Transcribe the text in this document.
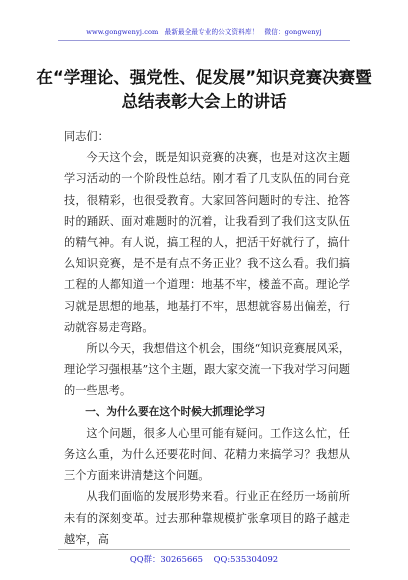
www.gongwenyj.com 最新最全最专业的公文资料库！ 微信：gongwenyj
在“学理论、强党性、促发展”知识竞赛决赛暨总结表彰大会上的讲话

同志们：

今天这个会，既是知识竞赛的决赛，也是对这次主题学习活动的一个阶段性总结。刚才看了几支队伍的同台竞技，很精彩，也很受教育。大家回答问题时的专注、抢答时的踊跃、面对难题时的沉着，让我看到了我们这支队伍的精气神。有人说，搞工程的人，把活干好就行了，搞什么知识竞赛，是不是有点不务正业？我不这么看。我们搞工程的人都知道一个道理：地基不牢，楼盖不高。理论学习就是思想的地基，地基打不牢，思想就容易出偏差，行动就容易走弯路。

所以今天，我想借这个机会，围绕“知识竞赛展风采，理论学习强根基”这个主题，跟大家交流一下我对学习问题的一些思考。

一、为什么要在这个时候大抓理论学习

这个问题，很多人心里可能有疑问。工作这么忙，任务这么重，为什么还要花时间、花精力来搞学习？我想从三个方面来讲清楚这个问题。

从我们面临的发展形势来看。行业正在经历一场前所未有的深刻变革。过去那种靠规模扩张拿项目的路子越走越窄，高

QQ群：30265665 QQ:535304092
